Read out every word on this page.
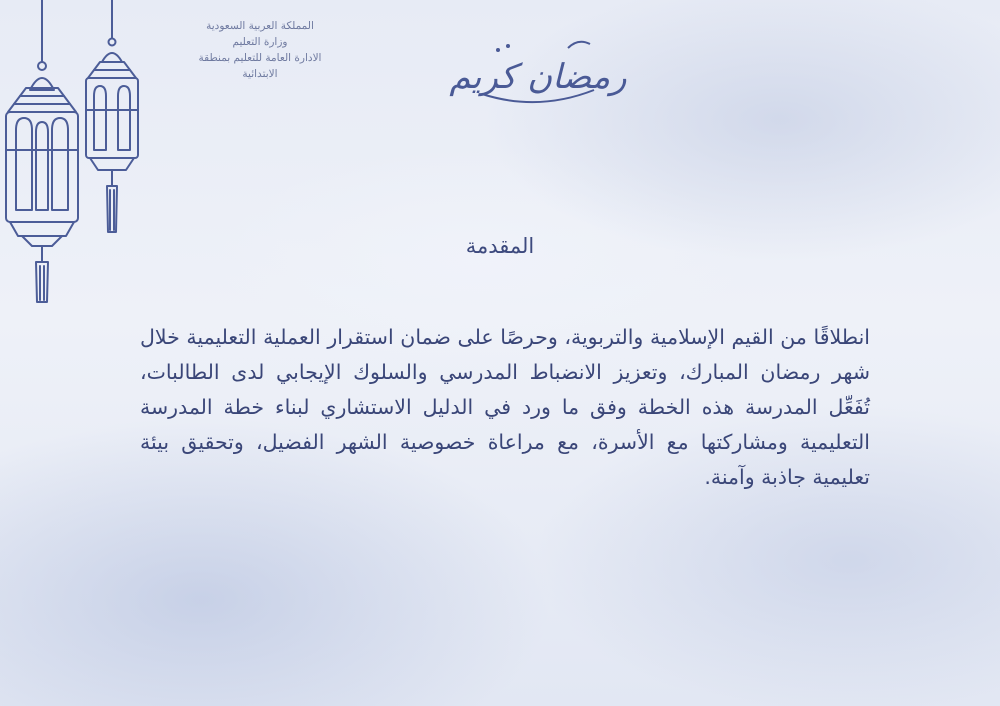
المملكة العربية السعودية
وزارة التعليم
الادارة العامة للتعليم بمنطقة
الابتدائية	رمضان كريم
المقدمة
انطلاقًا من القيم الإسلامية والتربوية، وحرصًا على ضمان استقرار العملية التعليمية خلال شهر رمضان المبارك، وتعزيز الانضباط المدرسي والسلوك الإيجابي لدى الطالبات، تُفَعِّل المدرسة هذه الخطة وفق ما ورد في الدليل الاستشاري لبناء خطة المدرسة التعليمية ومشاركتها مع الأسرة، مع مراعاة خصوصية الشهر الفضيل، وتحقيق بيئة تعليمية جاذبة وآمنة.
